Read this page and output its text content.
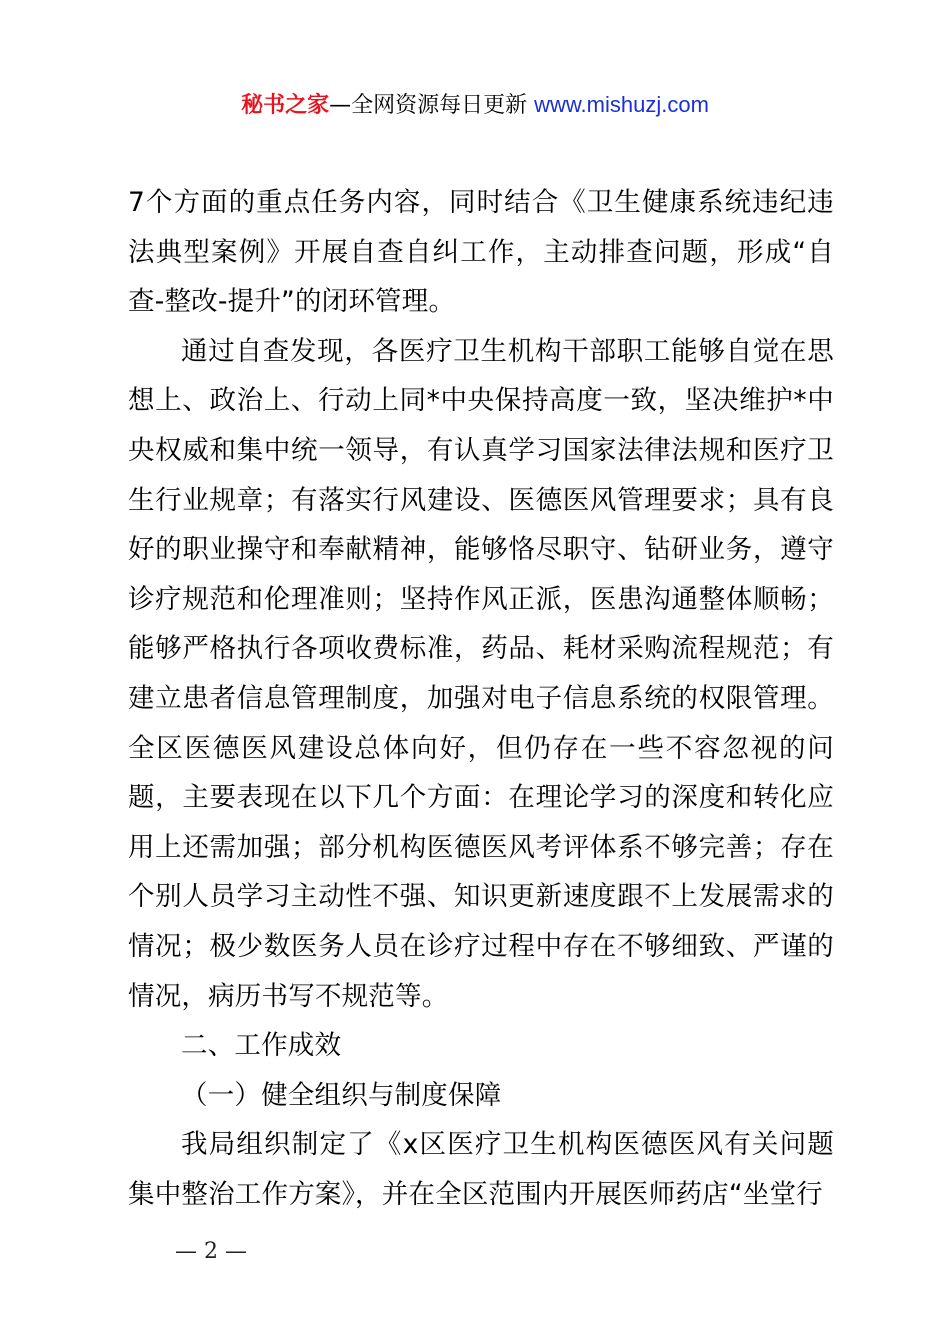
秘书之家—全网资源每日更新 www.mishuzj.com

7个方面的重点任务内容，同时结合《卫生健康系统违纪违法典型案例》开展自查自纠工作，主动排查问题，形成“自查-整改-提升”的闭环管理。

通过自查发现，各医疗卫生机构干部职工能够自觉在思想上、政治上、行动上同*中央保持高度一致，坚决维护*中央权威和集中统一领导，有认真学习国家法律法规和医疗卫生行业规章；有落实行风建设、医德医风管理要求；具有良好的职业操守和奉献精神，能够恪尽职守、钻研业务，遵守诊疗规范和伦理准则；坚持作风正派，医患沟通整体顺畅；能够严格执行各项收费标准，药品、耗材采购流程规范；有建立患者信息管理制度，加强对电子信息系统的权限管理。全区医德医风建设总体向好，但仍存在一些不容忽视的问题，主要表现在以下几个方面：在理论学习的深度和转化应用上还需加强；部分机构医德医风考评体系不够完善；存在个别人员学习主动性不强、知识更新速度跟不上发展需求的情况；极少数医务人员在诊疗过程中存在不够细致、严谨的情况，病历书写不规范等。

二、工作成效

（一）健全组织与制度保障

我局组织制定了《x区医疗卫生机构医德医风有关问题集中整治工作方案》，并在全区范围内开展医师药店“坐堂行

— 2 —
